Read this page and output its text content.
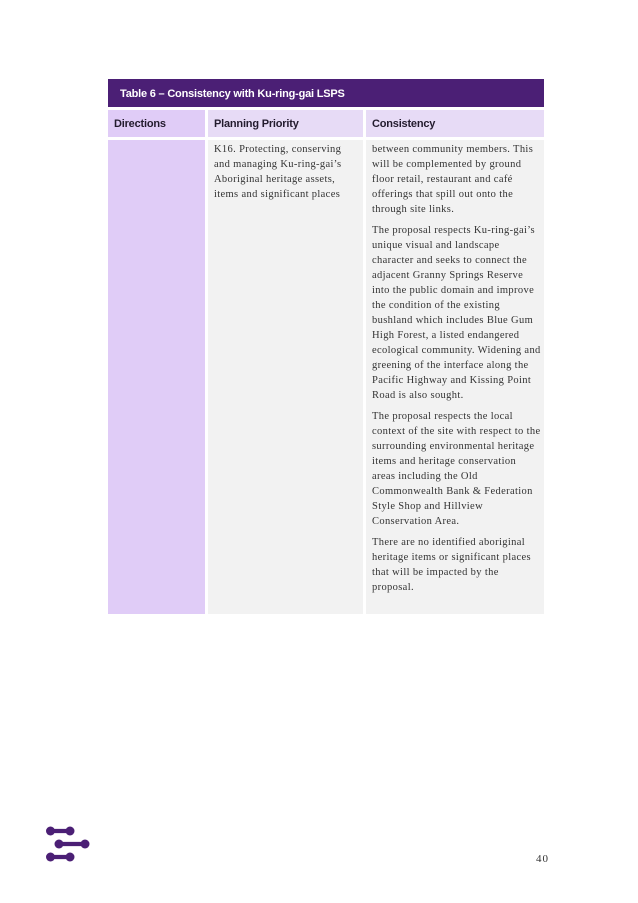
Table 6 – Consistency with Ku-ring-gai LSPS
Directions	Planning Priority	Consistency
K16. Protecting, conserving and managing Ku-ring-gai’s Aboriginal heritage assets, items and significant places

between community members. This will be complemented by ground floor retail, restaurant and café offerings that spill out onto the through site links.

The proposal respects Ku-ring-gai’s unique visual and landscape character and seeks to connect the adjacent Granny Springs Reserve into the public domain and improve the condition of the existing bushland which includes Blue Gum High Forest, a listed endangered ecological community. Widening and greening of the interface along the Pacific Highway and Kissing Point Road is also sought.

The proposal respects the local context of the site with respect to the surrounding environmental heritage items and heritage conservation areas including the Old Commonwealth Bank & Federation Style Shop and Hillview Conservation Area.

There are no identified aboriginal heritage items or significant places that will be impacted by the proposal.

40
